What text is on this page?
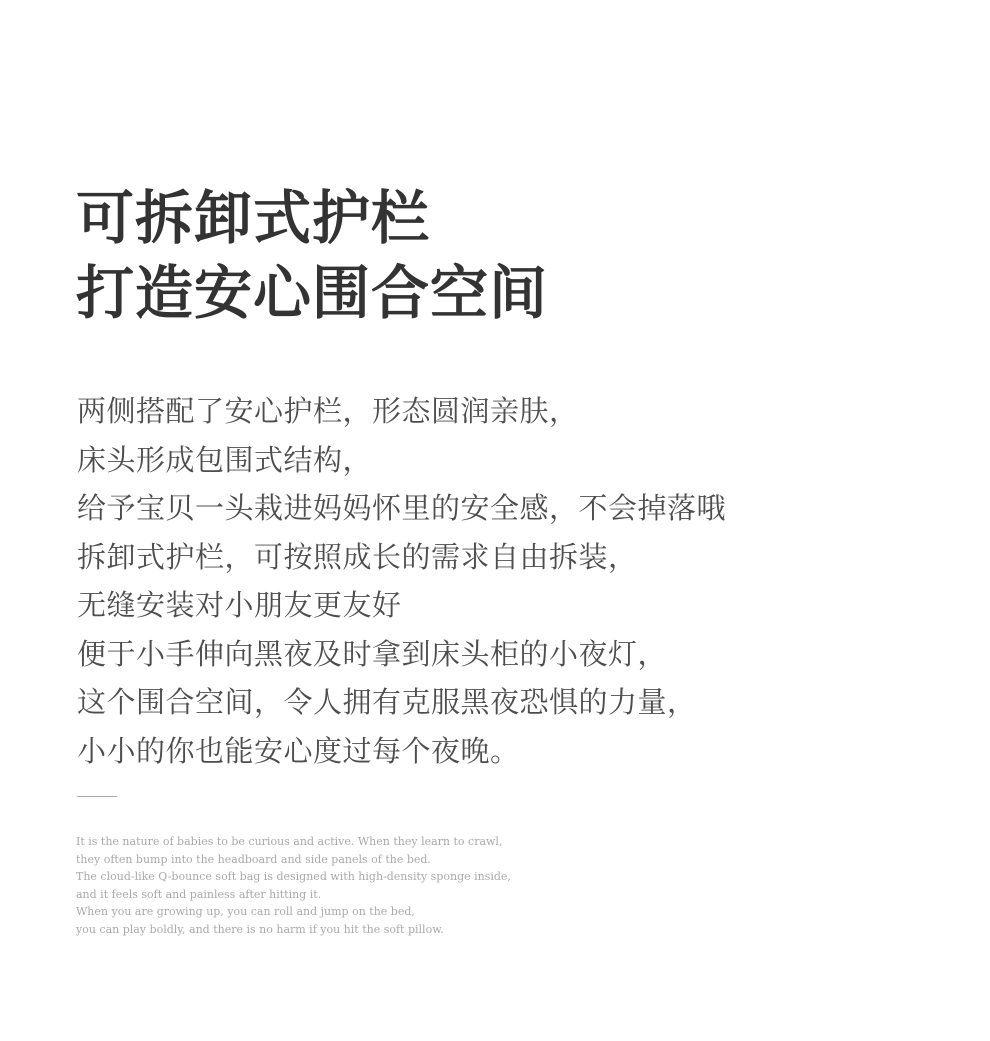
可拆卸式护栏
打造安心围合空间
两侧搭配了安心护栏，形态圆润亲肤，
床头形成包围式结构，
给予宝贝一头栽进妈妈怀里的安全感，不会掉落哦
拆卸式护栏，可按照成长的需求自由拆装，
无缝安装对小朋友更友好
便于小手伸向黑夜及时拿到床头柜的小夜灯，
这个围合空间，令人拥有克服黑夜恐惧的力量，
小小的你也能安心度过每个夜晚。
It is the nature of babies to be curious and active. When they learn to crawl,
they often bump into the headboard and side panels of the bed.
The cloud-like Q-bounce soft bag is designed with high-density sponge inside,
and it feels soft and painless after hitting it.
When you are growing up, you can roll and jump on the bed,
you can play boldly, and there is no harm if you hit the soft pillow.
